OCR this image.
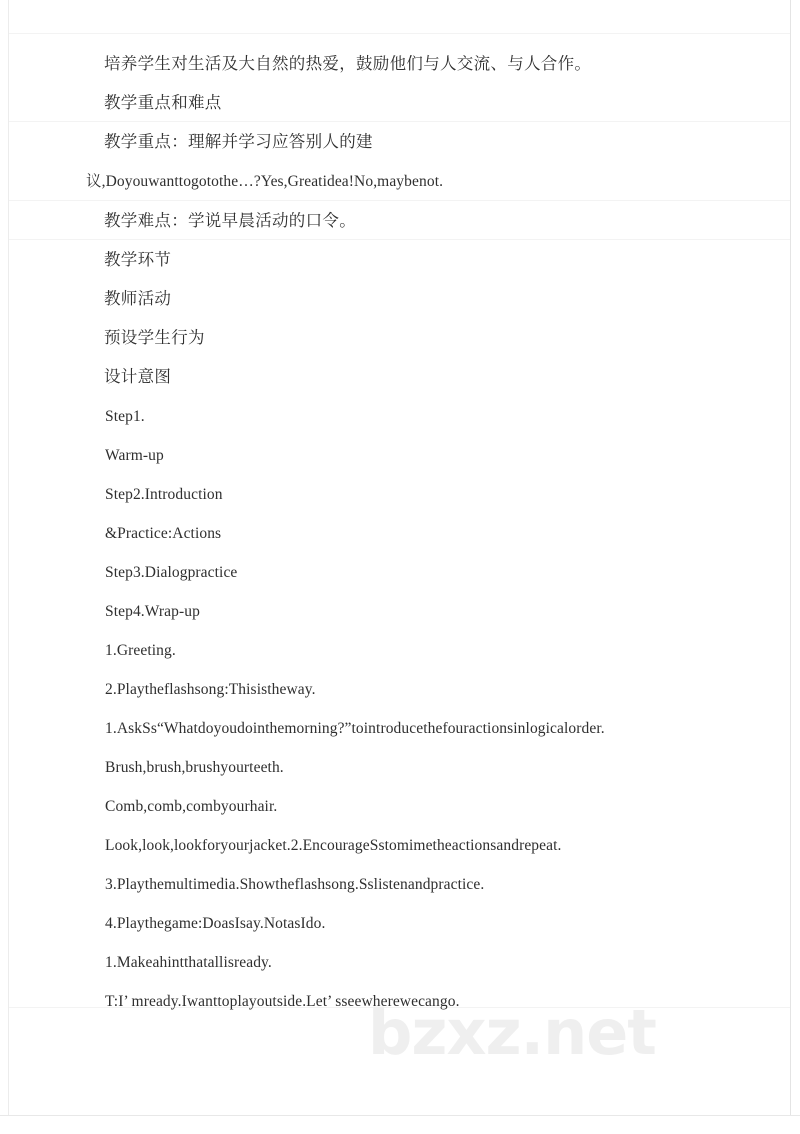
培养学生对生活及大自然的热爱，鼓励他们与人交流、与人合作。
教学重点和难点
教学重点：理解并学习应答别人的建
议,Doyouwanttogotothe…?Yes,Greatidea!No,maybenot.
教学难点：学说早晨活动的口令。
教学环节
教师活动
预设学生行为
设计意图
Step1.
Warm-up
Step2.Introduction
&Practice:Actions
Step3.Dialogpractice
Step4.Wrap-up
1.Greeting.
2.Playtheflashsong:Thisistheway.
1.AskSs“Whatdoyoudointhemorning?”tointroducethefouractionsinlogicalorder.
Brush,brush,brushyourteeth.
Comb,comb,combyourhair.
Look,look,lookforyourjacket.2.EncourageSstomimetheactionsandrepeat.
3.Playthemultimedia.Showtheflashsong.Sslistenandpractice.
4.Playthegame:DoasIsay.NotasIdo.
1.Makeahintthatallisready.
T:I’ mready.Iwanttoplayoutside.Let’ sseewherewecango.
bzxz.net
